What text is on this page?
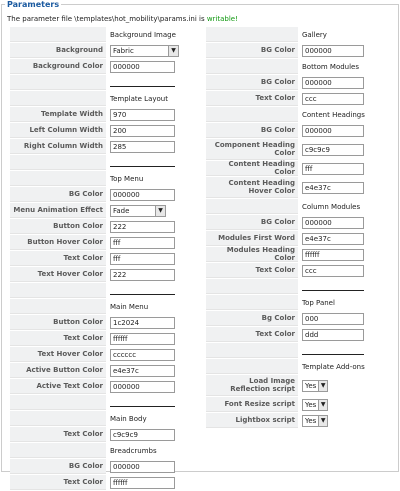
Parameters
The parameter file \templates\hot_mobility\params.ini is writable!
Background Image
Background	Fabric	▼
Background Color	000000
Template Layout
Template Width	970
Left Column Width	200
Right Column Width	285
Top Menu
BG Color	000000
Menu Animation Effect	Fade	▼
Button Color	222
Button Hover Color	fff
Text Color	fff
Text Hover Color	222
Main Menu
Button Color	1c2024
Text Color	ffffff
Text Hover Color	cccccc
Active Button Color	e4e37c
Active Text Color	000000
Main Body
Text Color	c9c9c9
Breadcrumbs
BG Color	000000
Text Color	ffffff
Gallery
BG Color	000000
Bottom Modules
BG Color	000000
Text Color	ccc
Content Headings
BG Color	000000
Component Heading Color	c9c9c9
Content Heading Color	fff
Content Heading Hover Color	e4e37c
Column Modules
BG Color	000000
Modules First Word	e4e37c
Modules Heading Color	ffffff
Text Color	ccc
Top Panel
Bg Color	000
Text Color	ddd
Template Add-ons
Load Image Reflection script	Yes ▼
Font Resize script	Yes ▼
Lightbox script	Yes ▼
